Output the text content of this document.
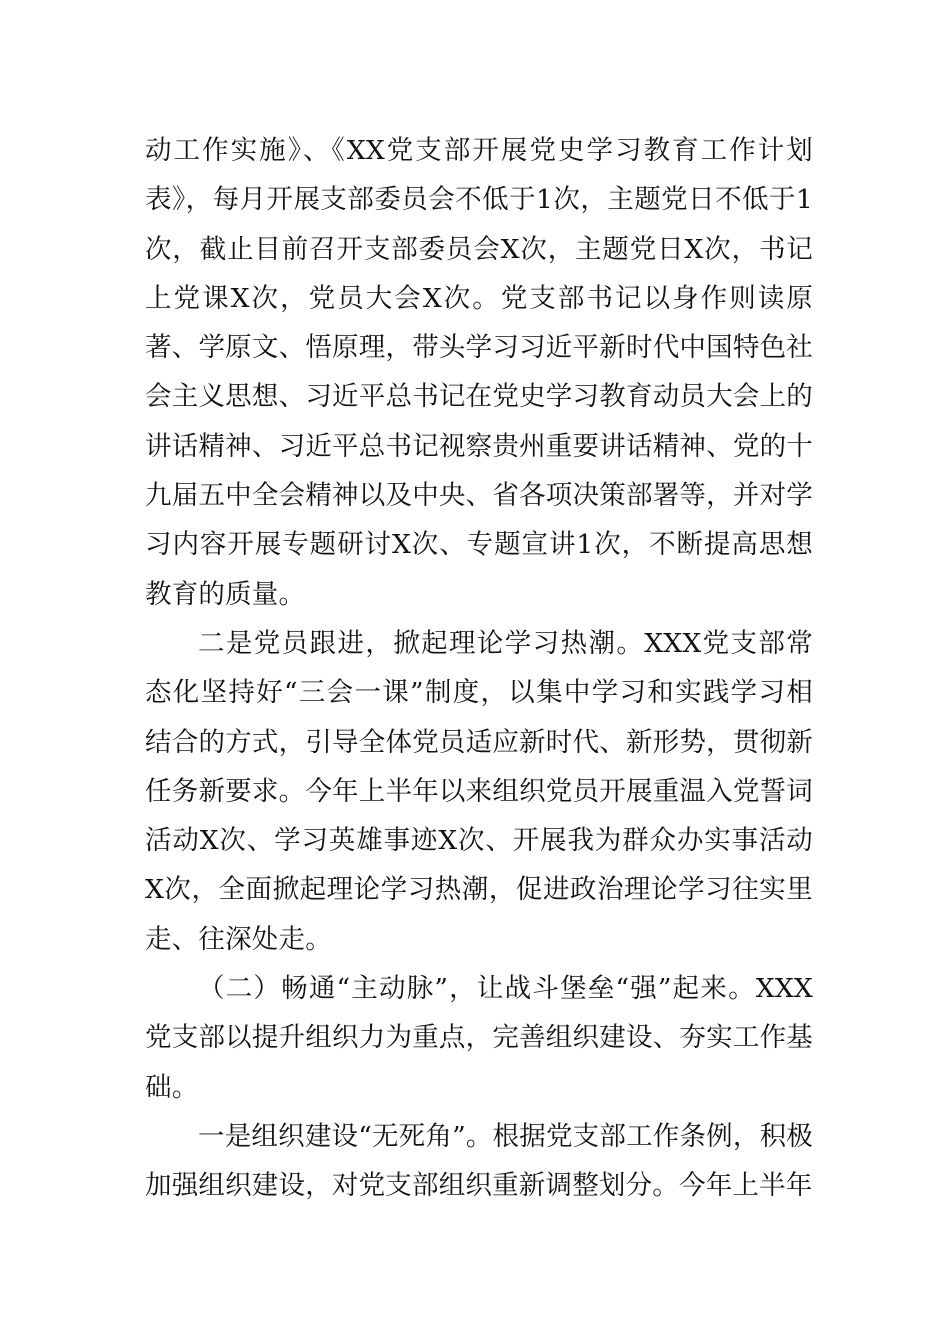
动工作实施》、《XX党支部开展党史学习教育工作计划表》，每月开展支部委员会不低于1次，主题党日不低于1次，截止目前召开支部委员会X次，主题党日X次，书记上党课X次，党员大会X次。党支部书记以身作则读原著、学原文、悟原理，带头学习习近平新时代中国特色社会主义思想、习近平总书记在党史学习教育动员大会上的讲话精神、习近平总书记视察贵州重要讲话精神、党的十九届五中全会精神以及中央、省各项决策部署等，并对学习内容开展专题研讨X次、专题宣讲1次，不断提高思想教育的质量。

二是党员跟进，掀起理论学习热潮。XXX党支部常态化坚持好“三会一课”制度，以集中学习和实践学习相结合的方式，引导全体党员适应新时代、新形势，贯彻新任务新要求。今年上半年以来组织党员开展重温入党誓词活动X次、学习英雄事迹X次、开展我为群众办实事活动X次，全面掀起理论学习热潮，促进政治理论学习往实里走、往深处走。

（二）畅通“主动脉”，让战斗堡垒“强”起来。XXX党支部以提升组织力为重点，完善组织建设、夯实工作基础。

一是组织建设“无死角”。根据党支部工作条例，积极加强组织建设，对党支部组织重新调整划分。今年上半年
